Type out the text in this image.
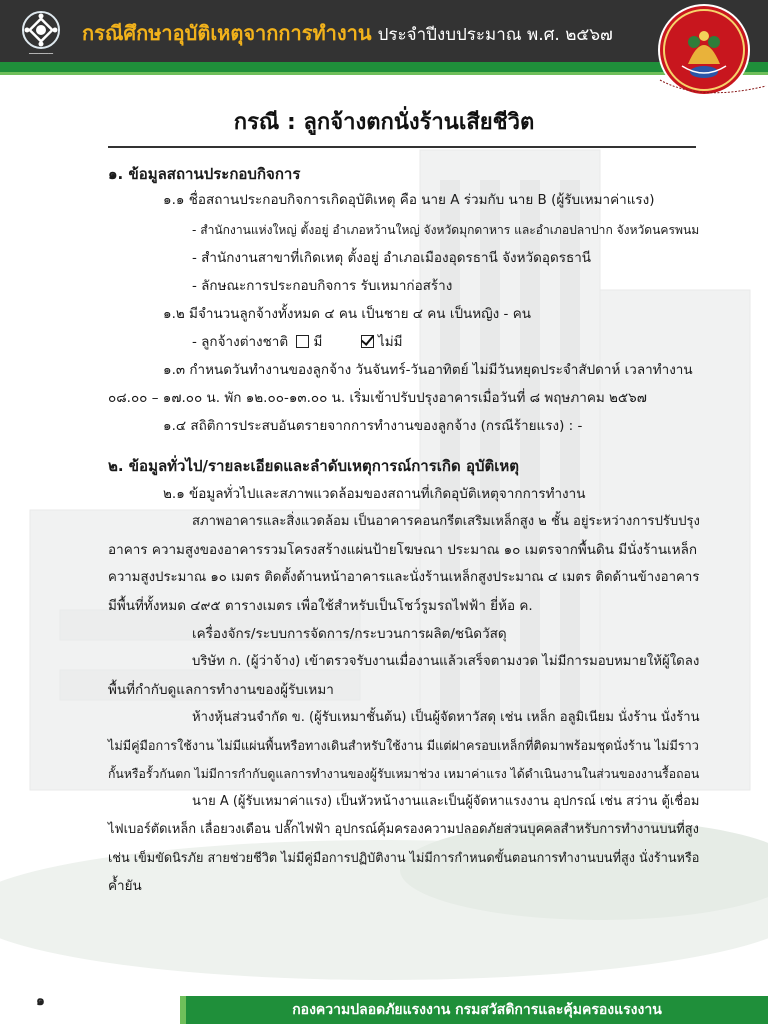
━━━━━━━━━━
กรณีศึกษาอุบัติเหตุจากการทำงาน ประจำปีงบประมาณ พ.ศ. ๒๕๖๗
กรณี : ลูกจ้างตกนั่งร้านเสียชีวิต
๑. ข้อมูลสถานประกอบกิจการ
๑.๑ ชื่อสถานประกอบกิจการเกิดอุบัติเหตุ คือ นาย A ร่วมกับ นาย B (ผู้รับเหมาค่าแรง)
- สำนักงานแห่งใหญ่ ตั้งอยู่ อำเภอหว้านใหญ่ จังหวัดมุกดาหาร และอำเภอปลาปาก จังหวัดนครพนม
- สำนักงานสาขาที่เกิดเหตุ ตั้งอยู่ อำเภอเมืองอุดรธานี จังหวัดอุดรธานี
- ลักษณะการประกอบกิจการ รับเหมาก่อสร้าง
๑.๒ มีจำนวนลูกจ้างทั้งหมด ๔ คน เป็นชาย ๔ คน เป็นหญิง - คน
- ลูกจ้างต่างชาติ มี	ไม่มี
๑.๓ กำหนดวันทำงานของลูกจ้าง วันจันทร์-วันอาทิตย์ ไม่มีวันหยุดประจำสัปดาห์ เวลาทำงาน
๐๘.๐๐ – ๑๗.๐๐ น. พัก ๑๒.๐๐-๑๓.๐๐ น. เริ่มเข้าปรับปรุงอาคารเมื่อวันที่ ๘ พฤษภาคม ๒๕๖๗
๑.๔ สถิติการประสบอันตรายจากการทำงานของลูกจ้าง (กรณีร้ายแรง) : -
๒. ข้อมูลทั่วไป/รายละเอียดและลำดับเหตุการณ์การเกิด อุบัติเหตุ
๒.๑ ข้อมูลทั่วไปและสภาพแวดล้อมของสถานที่เกิดอุบัติเหตุจากการทำงาน
สภาพอาคารและสิ่งแวดล้อม เป็นอาคารคอนกรีตเสริมเหล็กสูง ๒ ชั้น อยู่ระหว่างการปรับปรุง
อาคาร ความสูงของอาคารรวมโครงสร้างแผ่นป้ายโฆษณา ประมาณ ๑๐ เมตรจากพื้นดิน มีนั่งร้านเหล็ก
ความสูงประมาณ ๑๐ เมตร ติดตั้งด้านหน้าอาคารและนั่งร้านเหล็กสูงประมาณ ๔ เมตร ติดด้านข้างอาคาร
มีพื้นที่ทั้งหมด ๔๙๕ ตารางเมตร เพื่อใช้สำหรับเป็นโชว์รูมรถไฟฟ้า ยี่ห้อ ค.
เครื่องจักร/ระบบการจัดการ/กระบวนการผลิต/ชนิดวัสดุ
บริษัท ก. (ผู้ว่าจ้าง) เข้าตรวจรับงานเมื่องานแล้วเสร็จตามงวด ไม่มีการมอบหมายให้ผู้ใดลง
พื้นที่กำกับดูแลการทำงานของผู้รับเหมา
ห้างหุ้นส่วนจำกัด ข. (ผู้รับเหมาชั้นต้น) เป็นผู้จัดหาวัสดุ เช่น เหล็ก อลูมิเนียม นั่งร้าน นั่งร้าน
ไม่มีคู่มือการใช้งาน ไม่มีแผ่นพื้นหรือทางเดินสำหรับใช้งาน มีแต่ฝาครอบเหล็กที่ติดมาพร้อมชุดนั่งร้าน ไม่มีราว
กั้นหรือรั้วกันตก ไม่มีการกำกับดูแลการทำงานของผู้รับเหมาช่วง เหมาค่าแรง ได้ดำเนินงานในส่วนของงานรื้อถอน
นาย A (ผู้รับเหมาค่าแรง) เป็นหัวหน้างานและเป็นผู้จัดหาแรงงาน อุปกรณ์ เช่น สว่าน ตู้เชื่อม
ไฟเบอร์ตัดเหล็ก เลื่อยวงเดือน ปลั๊กไฟฟ้า อุปกรณ์คุ้มครองความปลอดภัยส่วนบุคคลสำหรับการทำงานบนที่สูง
เช่น เข็มขัดนิรภัย สายช่วยชีวิต ไม่มีคู่มือการปฏิบัติงาน ไม่มีการกำหนดขั้นตอนการทำงานบนที่สูง นั่งร้านหรือ
ค้ำยัน
๑
กองความปลอดภัยแรงงาน กรมสวัสดิการและคุ้มครองแรงงาน
